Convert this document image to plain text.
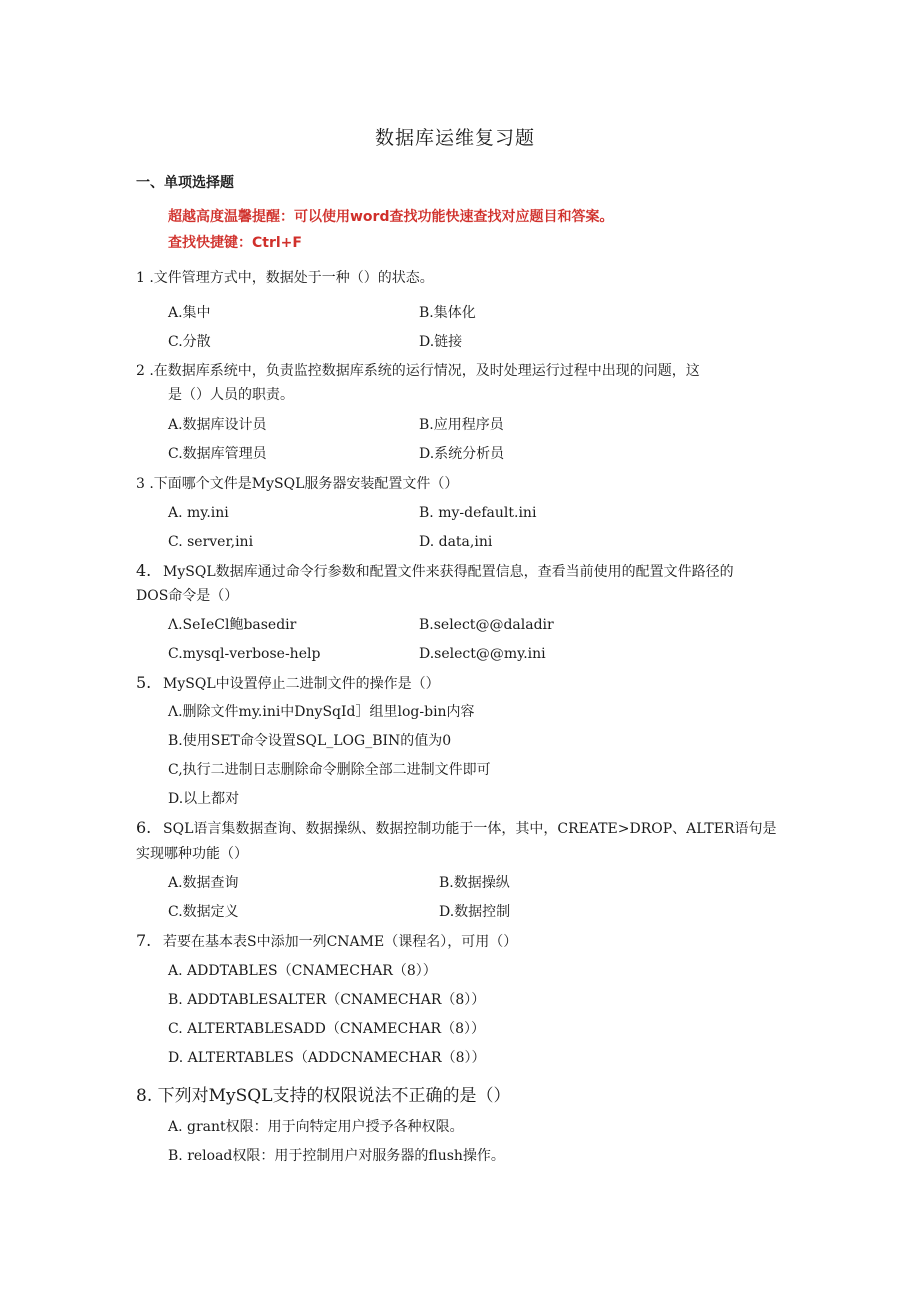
数据库运维复习题
一、单项选择题
超越高度温馨提醒：可以使用word查找功能快速查找对应题目和答案。
查找快捷键：Ctrl+F
1 .文件管理方式中，数据处于一种（）的状态。
A.集中	B.集体化
C.分散	D.链接
2 .在数据库系统中，负责监控数据库系统的运行情况，及时处理运行过程中出现的问题，这
是（）人员的职责。
A.数据库设计员	B.应用程序员
C.数据库管理员	D.系统分析员
3 .下面哪个文件是MySQL服务器安装配置文件（）
A. my.ini	B. my-default.ini
C. server,ini	D. data,ini
4. MySQL数据库通过命令行参数和配置文件来获得配置信息，查看当前使用的配置文件路径的
DOS命令是（）
Λ.SeIeCl鲍basedir	B.select@@daladir
C.mysql-verbose-help	D.select@@my.ini
5. MySQL中设置停止二进制文件的操作是（）
Λ.删除文件my.ini中DnySqId］组里log-bin内容
B.使用SET命令设置SQL_LOG_BIN的值为0
C,执行二进制日志删除命令删除全部二进制文件即可
D.以上都对
6. SQL语言集数据查询、数据操纵、数据控制功能于一体，其中，CREATE>DROP、ALTER语句是
实现哪种功能（）
A.数据查询	B.数据操纵
C.数据定义	D.数据控制
7. 若要在基本表S中添加一列CNAME（课程名），可用（）
A. ADDTABLES（CNAMECHAR（8））
B. ADDTABLESALTER（CNAMECHAR（8））
C. ALTERTABLESADD（CNAMECHAR（8））
D. ALTERTABLES（ADDCNAMECHAR（8））
8. 下列对MySQL支持的权限说法不正确的是（）
A. grant权限：用于向特定用户授予各种权限。
B. reload权限：用于控制用户对服务器的flush操作。
